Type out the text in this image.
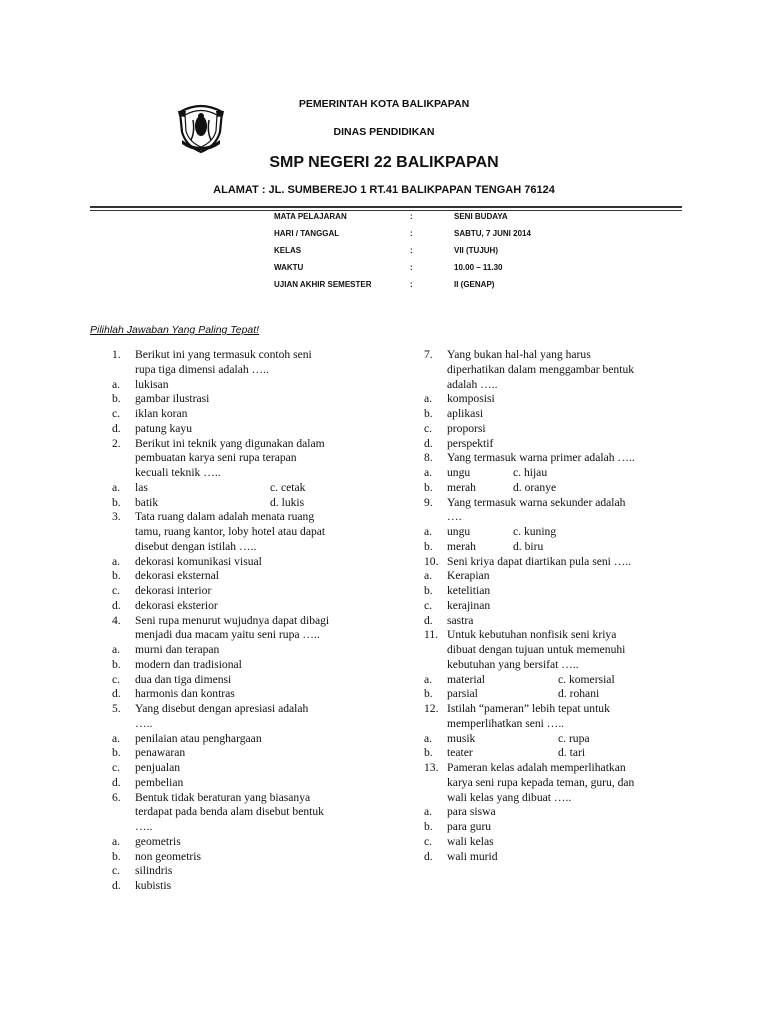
PEMERINTAH KOTA BALIKPAPAN
DINAS PENDIDIKAN
SMP NEGERI 22 BALIKPAPAN
ALAMAT : JL. SUMBEREJO 1 RT.41 BALIKPAPAN TENGAH 76124
MATA PELAJARAN	:	SENI BUDAYA
HARI / TANGGAL	:	SABTU, 7 JUNI 2014
KELAS	:	VII (TUJUH)
WAKTU	:	10.00 – 11.30
UJIAN AKHIR SEMESTER	:	II (GENAP)
Pilihlah Jawaban Yang Paling Tepat!
1. Berikut ini yang termasuk contoh seni
rupa tiga dimensi adalah …..
a. lukisan
b. gambar ilustrasi
c. iklan koran
d. patung kayu
2. Berikut ini teknik yang digunakan dalam
pembuatan karya seni rupa terapan
kecuali teknik …..
a. las	c. cetak
b. batik	d. lukis
3. Tata ruang dalam adalah menata ruang
tamu, ruang kantor, loby hotel atau dapat
disebut dengan istilah …..
a. dekorasi komunikasi visual
b. dekorasi eksternal
c. dekorasi interior
d. dekorasi eksterior
4. Seni rupa menurut wujudnya dapat dibagi
menjadi dua macam yaitu seni rupa …..
a. murni dan terapan
b. modern dan tradisional
c. dua dan tiga dimensi
d. harmonis dan kontras
5. Yang disebut dengan apresiasi adalah
…..
a. penilaian atau penghargaan
b. penawaran
c. penjualan
d. pembelian
6. Bentuk tidak beraturan yang biasanya
terdapat pada benda alam disebut bentuk
…..
a. geometris
b. non geometris
c. silindris
d. kubistis
7. Yang bukan hal-hal yang harus
diperhatikan dalam menggambar bentuk
adalah …..
a. komposisi
b. aplikasi
c. proporsi
d. perspektif
8. Yang termasuk warna primer adalah …..
a. ungu	c. hijau
b. merah	d. oranye
9. Yang termasuk warna sekunder adalah
….
a. ungu	c. kuning
b. merah	d. biru
10. Seni kriya dapat diartikan pula seni …..
a. Kerapian
b. ketelitian
c. kerajinan
d. sastra
11. Untuk kebutuhan nonfisik seni kriya
dibuat dengan tujuan untuk memenuhi
kebutuhan yang bersifat …..
a. material	c. komersial
b. parsial	d. rohani
12. Istilah “pameran” lebih tepat untuk
memperlihatkan seni …..
a. musik	c. rupa
b. teater	d. tari
13. Pameran kelas adalah memperlihatkan
karya seni rupa kepada teman, guru, dan
wali kelas yang dibuat …..
a. para siswa
b. para guru
c. wali kelas
d. wali murid
